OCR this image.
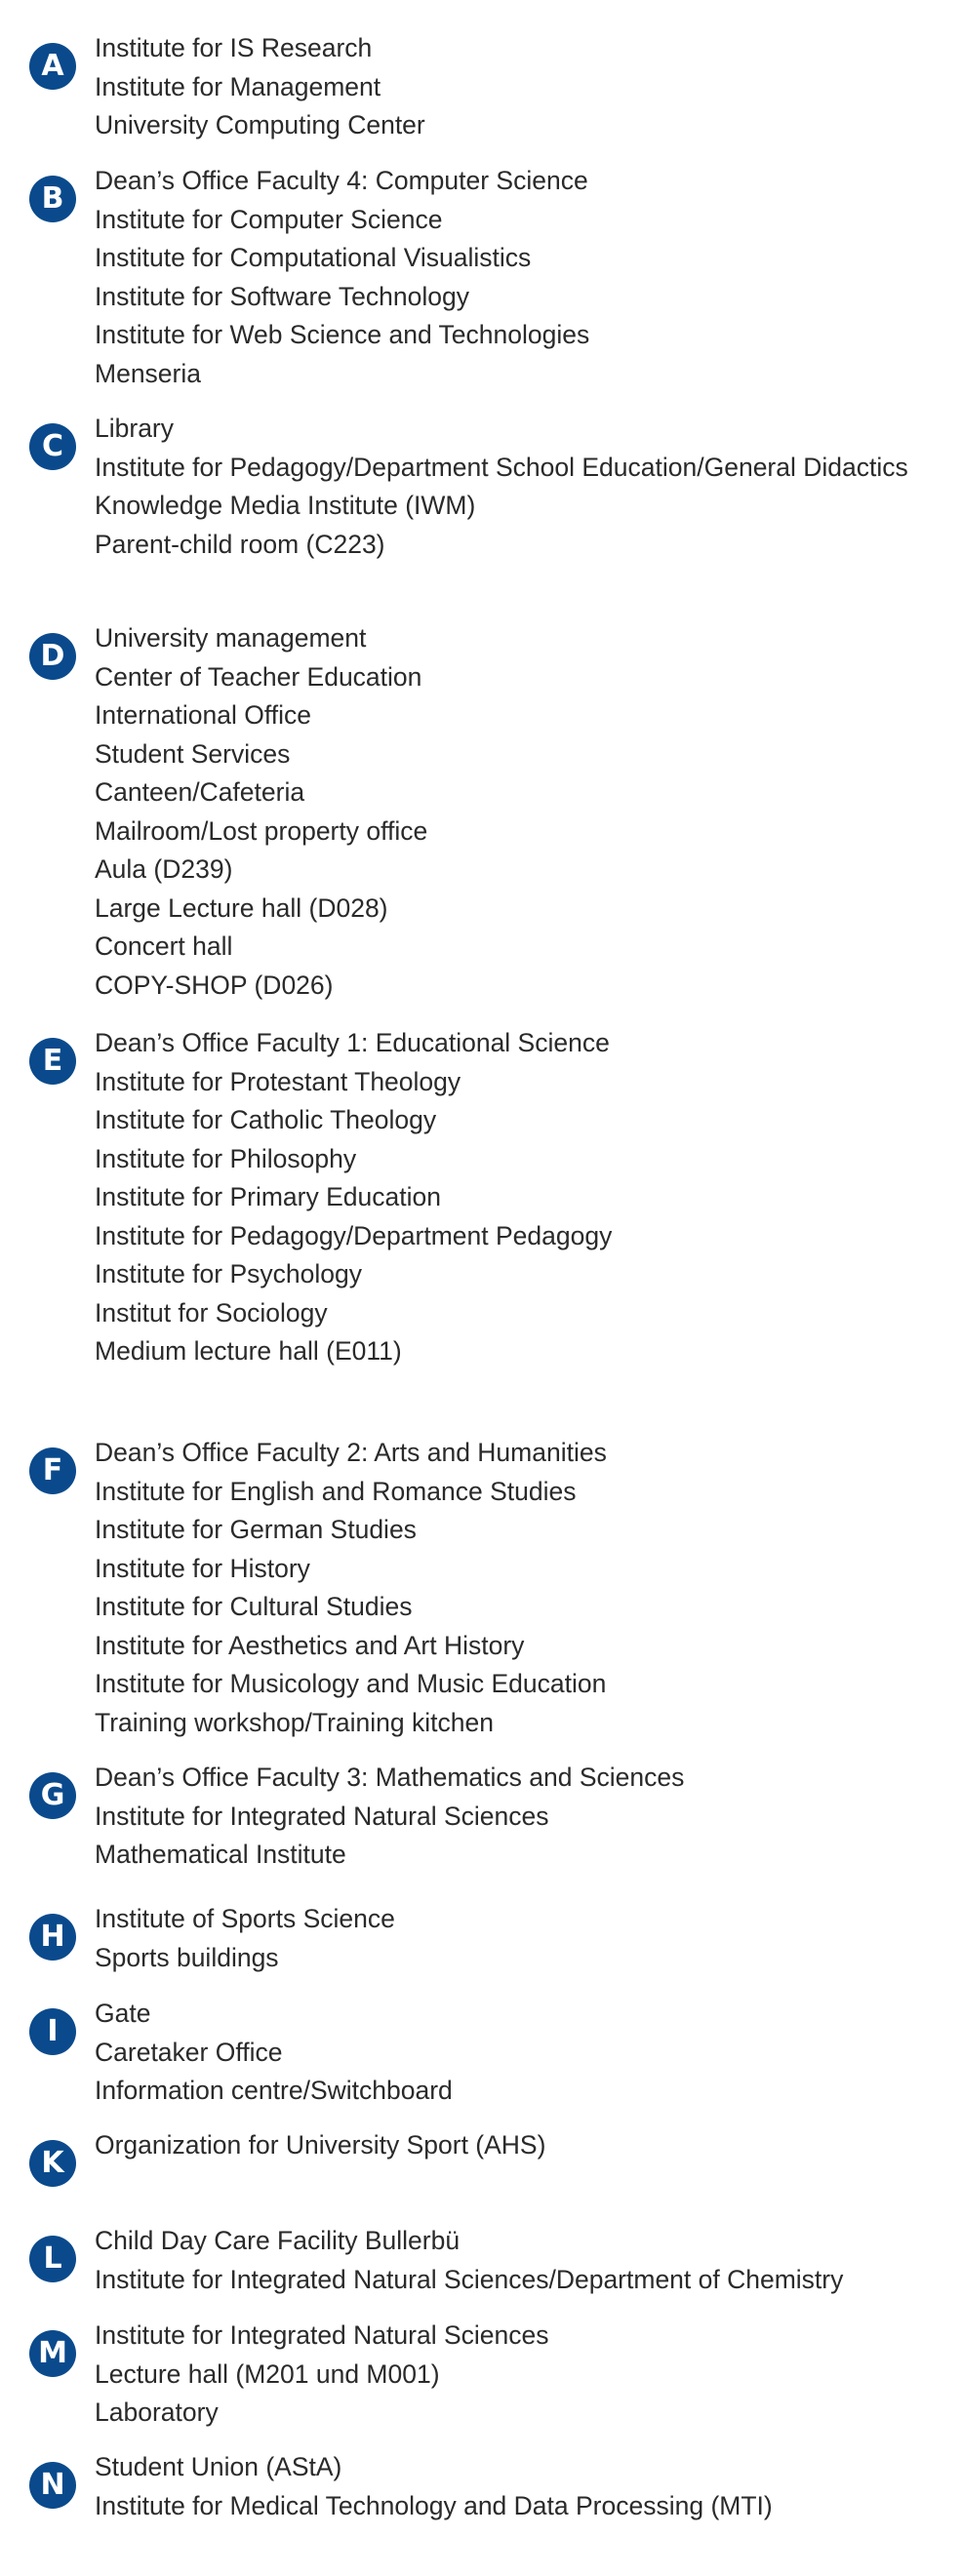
A
Institute for IS Research
Institute for Management
University Computing Center
B
Dean’s Office Faculty 4: Computer Science
Institute for Computer Science
Institute for Computational Visualistics
Institute for Software Technology
Institute for Web Science and Technologies
Menseria
C
Library
Institute for Pedagogy/Department School Education/General Didactics
Knowledge Media Institute (IWM)
Parent-child room (C223)
D
University management
Center of Teacher Education
International Office
Student Services
Canteen/Cafeteria
Mailroom/Lost property office
Aula (D239)
Large Lecture hall (D028)
Concert hall
COPY-SHOP (D026)
E
Dean’s Office Faculty 1: Educational Science
Institute for Protestant Theology
Institute for Catholic Theology
Institute for Philosophy
Institute for Primary Education
Institute for Pedagogy/Department Pedagogy
Institute for Psychology
Institut for Sociology
Medium lecture hall (E011)
F
Dean’s Office Faculty 2: Arts and Humanities
Institute for English and Romance Studies
Institute for German Studies
Institute for History
Institute for Cultural Studies
Institute for Aesthetics and Art History
Institute for Musicology and Music Education
Training workshop/Training kitchen
G
Dean’s Office Faculty 3: Mathematics and Sciences
Institute for Integrated Natural Sciences
Mathematical Institute
H
Institute of Sports Science
Sports buildings
I
Gate
Caretaker Office
Information centre/Switchboard
K
Organization for University Sport (AHS)
L
Child Day Care Facility Bullerbü
Institute for Integrated Natural Sciences/Department of Chemistry
M
Institute for Integrated Natural Sciences
Lecture hall (M201 und M001)
Laboratory
N
Student Union (AStA)
Institute for Medical Technology and Data Processing (MTI)
